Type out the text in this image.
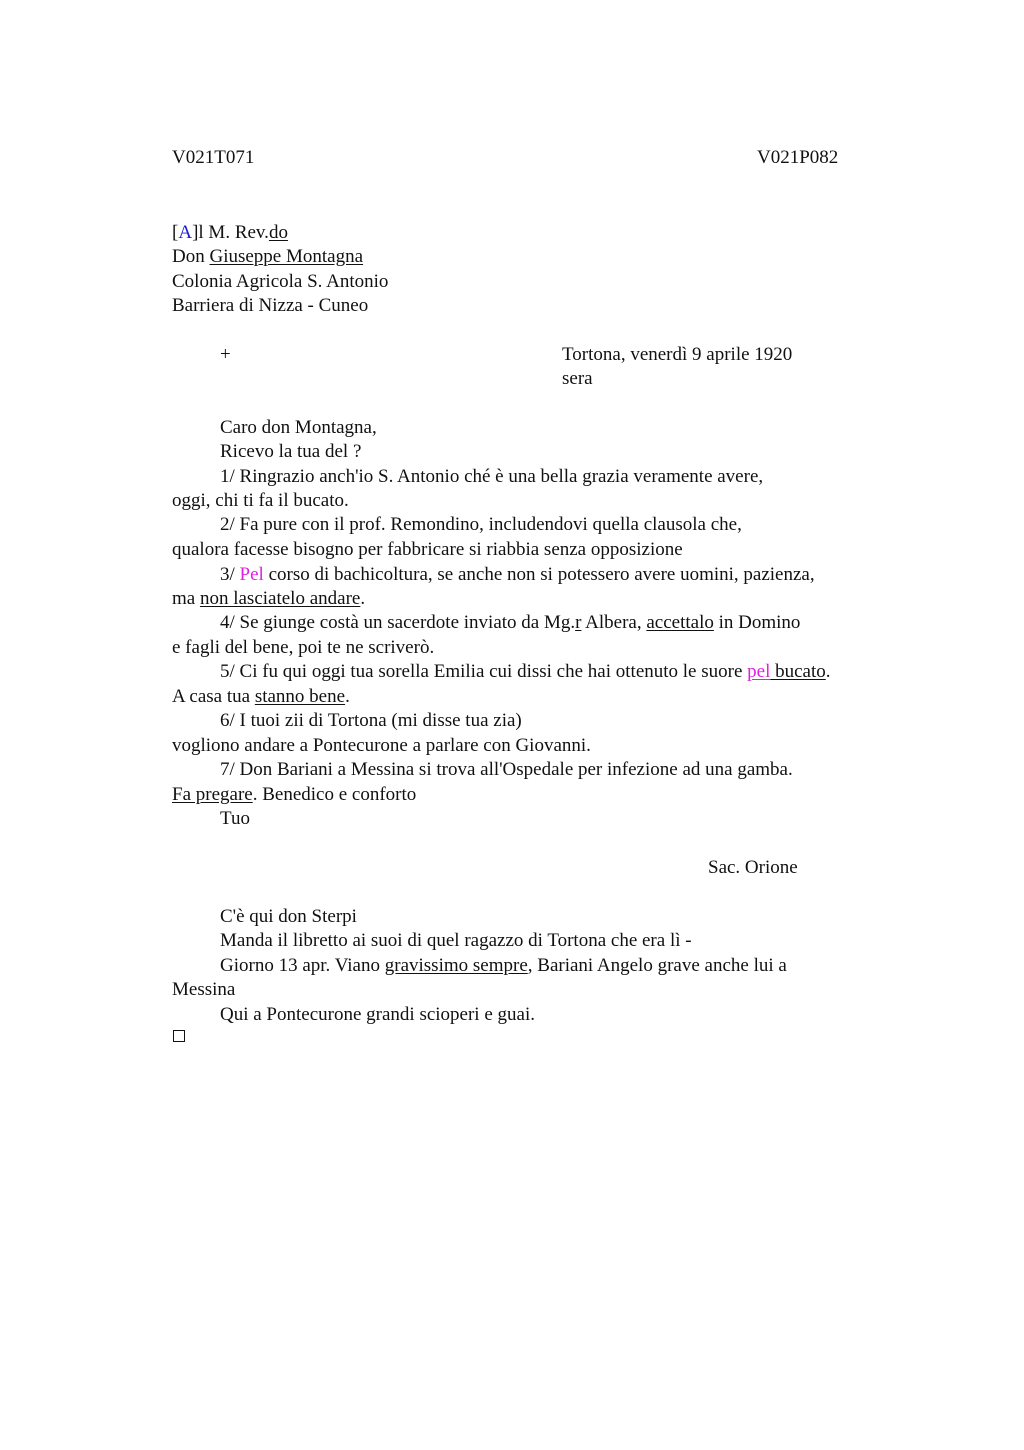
V021T071	V021P082
[A]l M. Rev.do
Don Giuseppe Montagna
Colonia Agricola S. Antonio
Barriera di Nizza - Cuneo
+	Tortona, venerdì 9 aprile 1920
sera
Caro don Montagna,
Ricevo la tua del ?
1/ Ringrazio anch'io S. Antonio ché è una bella grazia veramente avere,
oggi, chi ti fa il bucato.
2/ Fa pure con il prof. Remondino, includendovi quella clausola che,
qualora facesse bisogno per fabbricare si riabbia senza opposizione
3/ Pel corso di bachicoltura, se anche non si potessero avere uomini, pazienza,
ma non lasciatelo andare.
4/ Se giunge costà un sacerdote inviato da Mg.r Albera, accettalo in Domino
e fagli del bene, poi te ne scriverò.
5/ Ci fu qui oggi tua sorella Emilia cui dissi che hai ottenuto le suore pel bucato.
A casa tua stanno bene.
6/ I tuoi zii di Tortona (mi disse tua zia)
vogliono andare a Pontecurone a parlare con Giovanni.
7/ Don Bariani a Messina si trova all'Ospedale per infezione ad una gamba.
Fa pregare. Benedico e conforto
Tuo
Sac. Orione
C'è qui don Sterpi
Manda il libretto ai suoi di quel ragazzo di Tortona che era lì -
Giorno 13 apr. Viano gravissimo sempre, Bariani Angelo grave anche lui a
Messina
Qui a Pontecurone grandi scioperi e guai.
